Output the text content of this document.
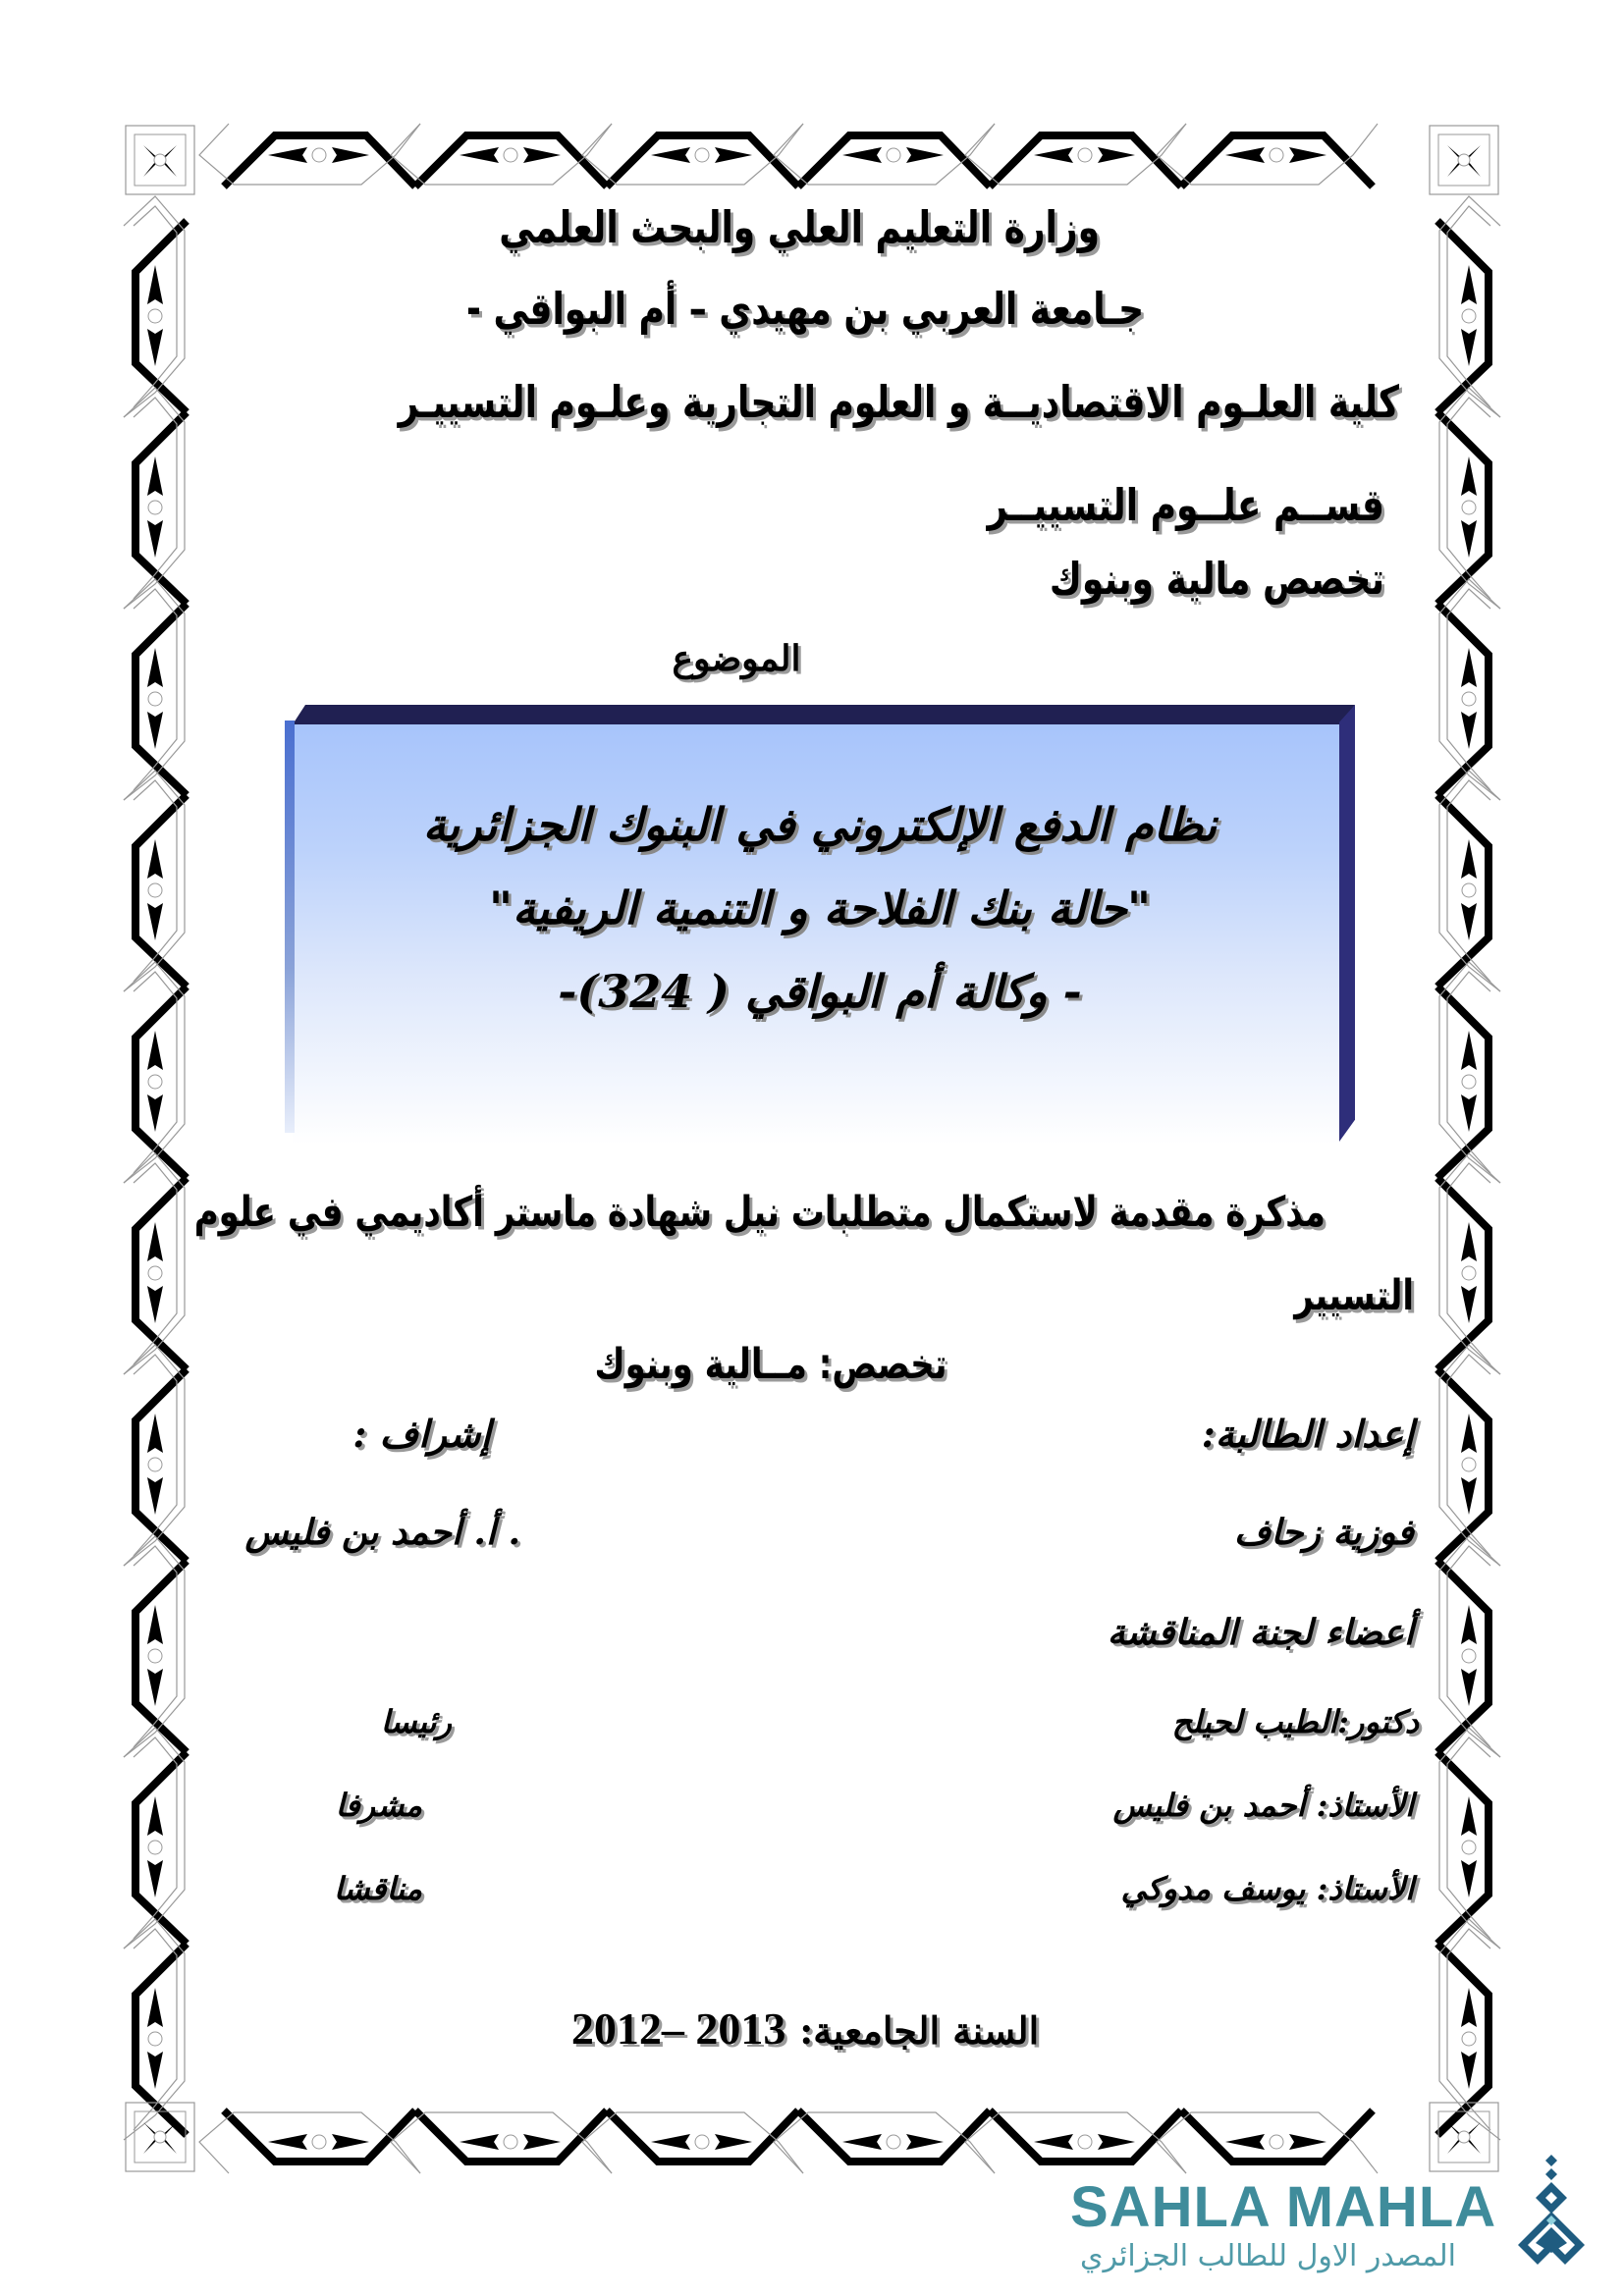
وزارة التعليم العلي والبحث العلمي
جـامعة العربي بن مهيدي – أم البواقي -
كلية العلـوم الاقتصاديــة و العلوم التجارية وعلـوم التسييـر
قســم علــوم التسييــر
تخصص مالية وبنوك
الموضوع
نظام الدفع الإلكتروني في البنوك الجزائرية
"حالة بنك الفلاحة و التنمية الريفية"
- وكالة أم البواقي ( 324)-
مذكرة مقدمة لاستكمال متطلبات نيل شهادة ماستر أكاديمي في علوم
التسيير
تخصص: مــالية وبنوك
إعداد الطالبة:
إشراف :
فوزية زحاف
. أ. أحمد بن فليس
أعضاء لجنة المناقشة
دكتور:الطيب لحيلح
رئيسا
الأستاذ: أحمد بن فليس
مشرفا
الأستاذ: يوسف مدوكي
مناقشا
السنة الجامعية: 2012– 2013
SAHLA MAHLA
المصدر الاول للطالب الجزائري
